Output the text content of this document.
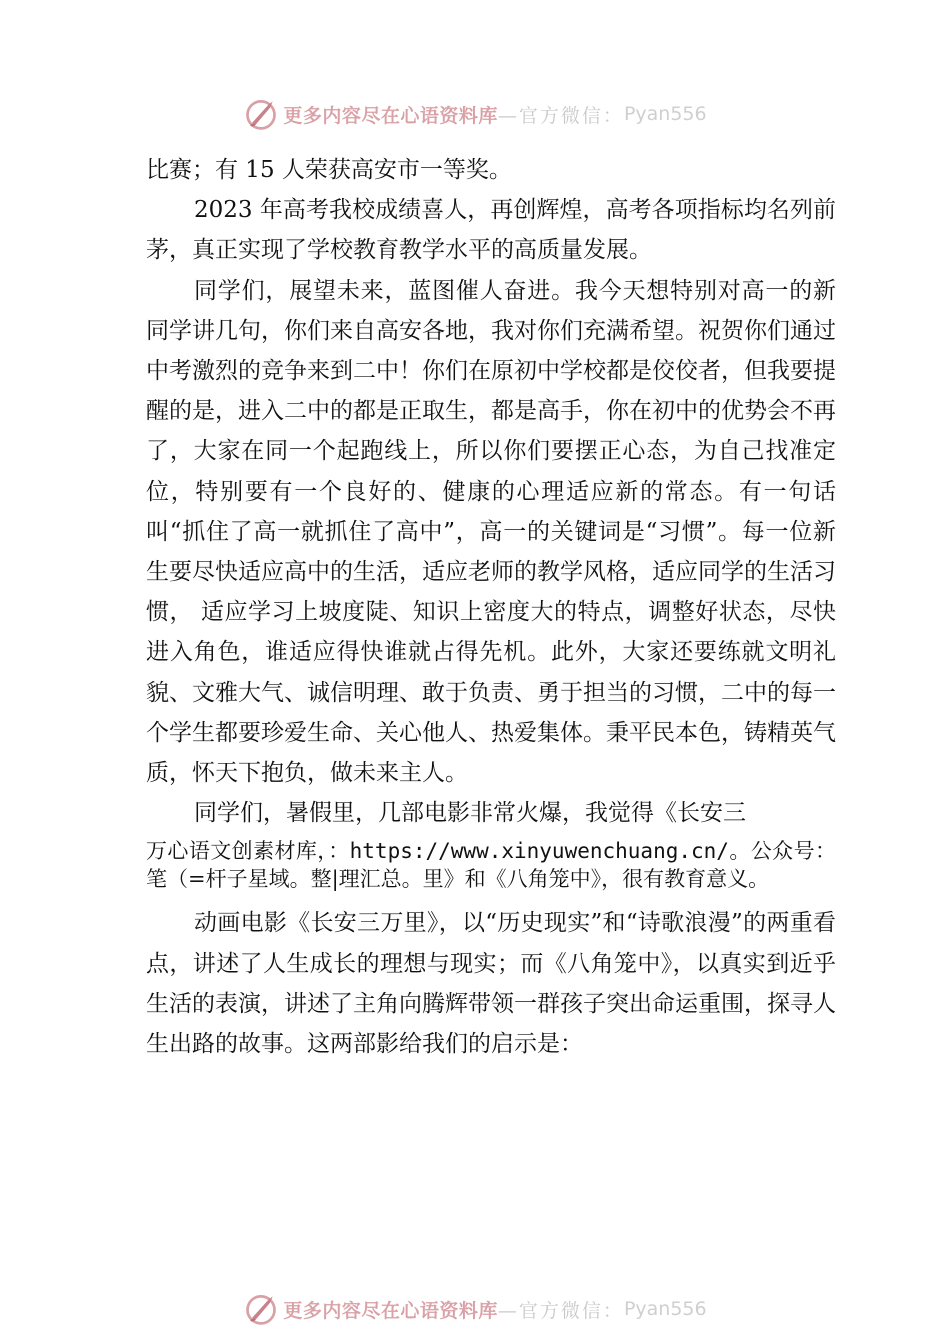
更多内容尽在心语资料库 —官方微信： Pyan556

比赛；有 15 人荣获高安市一等奖。

2023 年高考我校成绩喜人，再创辉煌，高考各项指标均名列前茅，真正实现了学校教育教学水平的高质量发展。

同学们，展望未来，蓝图催人奋进。我今天想特别对高一的新同学讲几句，你们来自高安各地，我对你们充满希望。祝贺你们通过中考激烈的竞争来到二中！你们在原初中学校都是佼佼者，但我要提醒的是，进入二中的都是正取生，都是高手，你在初中的优势会不再了，大家在同一个起跑线上，所以你们要摆正心态，为自己找准定位，特别要有一个良好的、健康的心理适应新的常态。有一句话叫“抓住了高一就抓住了高中”，高一的关键词是“习惯”。每一位新生要尽快适应高中的生活，适应老师的教学风格，适应同学的生活习惯， 适应学习上坡度陡、知识上密度大的特点，调整好状态，尽快进入角色，谁适应得快谁就占得先机。此外，大家还要练就文明礼貌、文雅大气、诚信明理、敢于负责、勇于担当的习惯，二中的每一个学生都要珍爱生命、关心他人、热爱集体。秉平民本色，铸精英气质，怀天下抱负，做未来主人。

同学们，暑假里，几部电影非常火爆，我觉得《长安三

万心语文创素材库，：https://www.xinyuwenchuang.cn/。公众号：笔（=杆子星域。整|理汇总。里》和《八角笼中》，很有教育意义。

动画电影《长安三万里》，以“历史现实”和“诗歌浪漫”的两重看点，讲述了人生成长的理想与现实；而《八角笼中》，以真实到近乎生活的表演，讲述了主角向腾辉带领一群孩子突出命运重围，探寻人生出路的故事。这两部影给我们的启示是：

更多内容尽在心语资料库 —官方微信： Pyan556
